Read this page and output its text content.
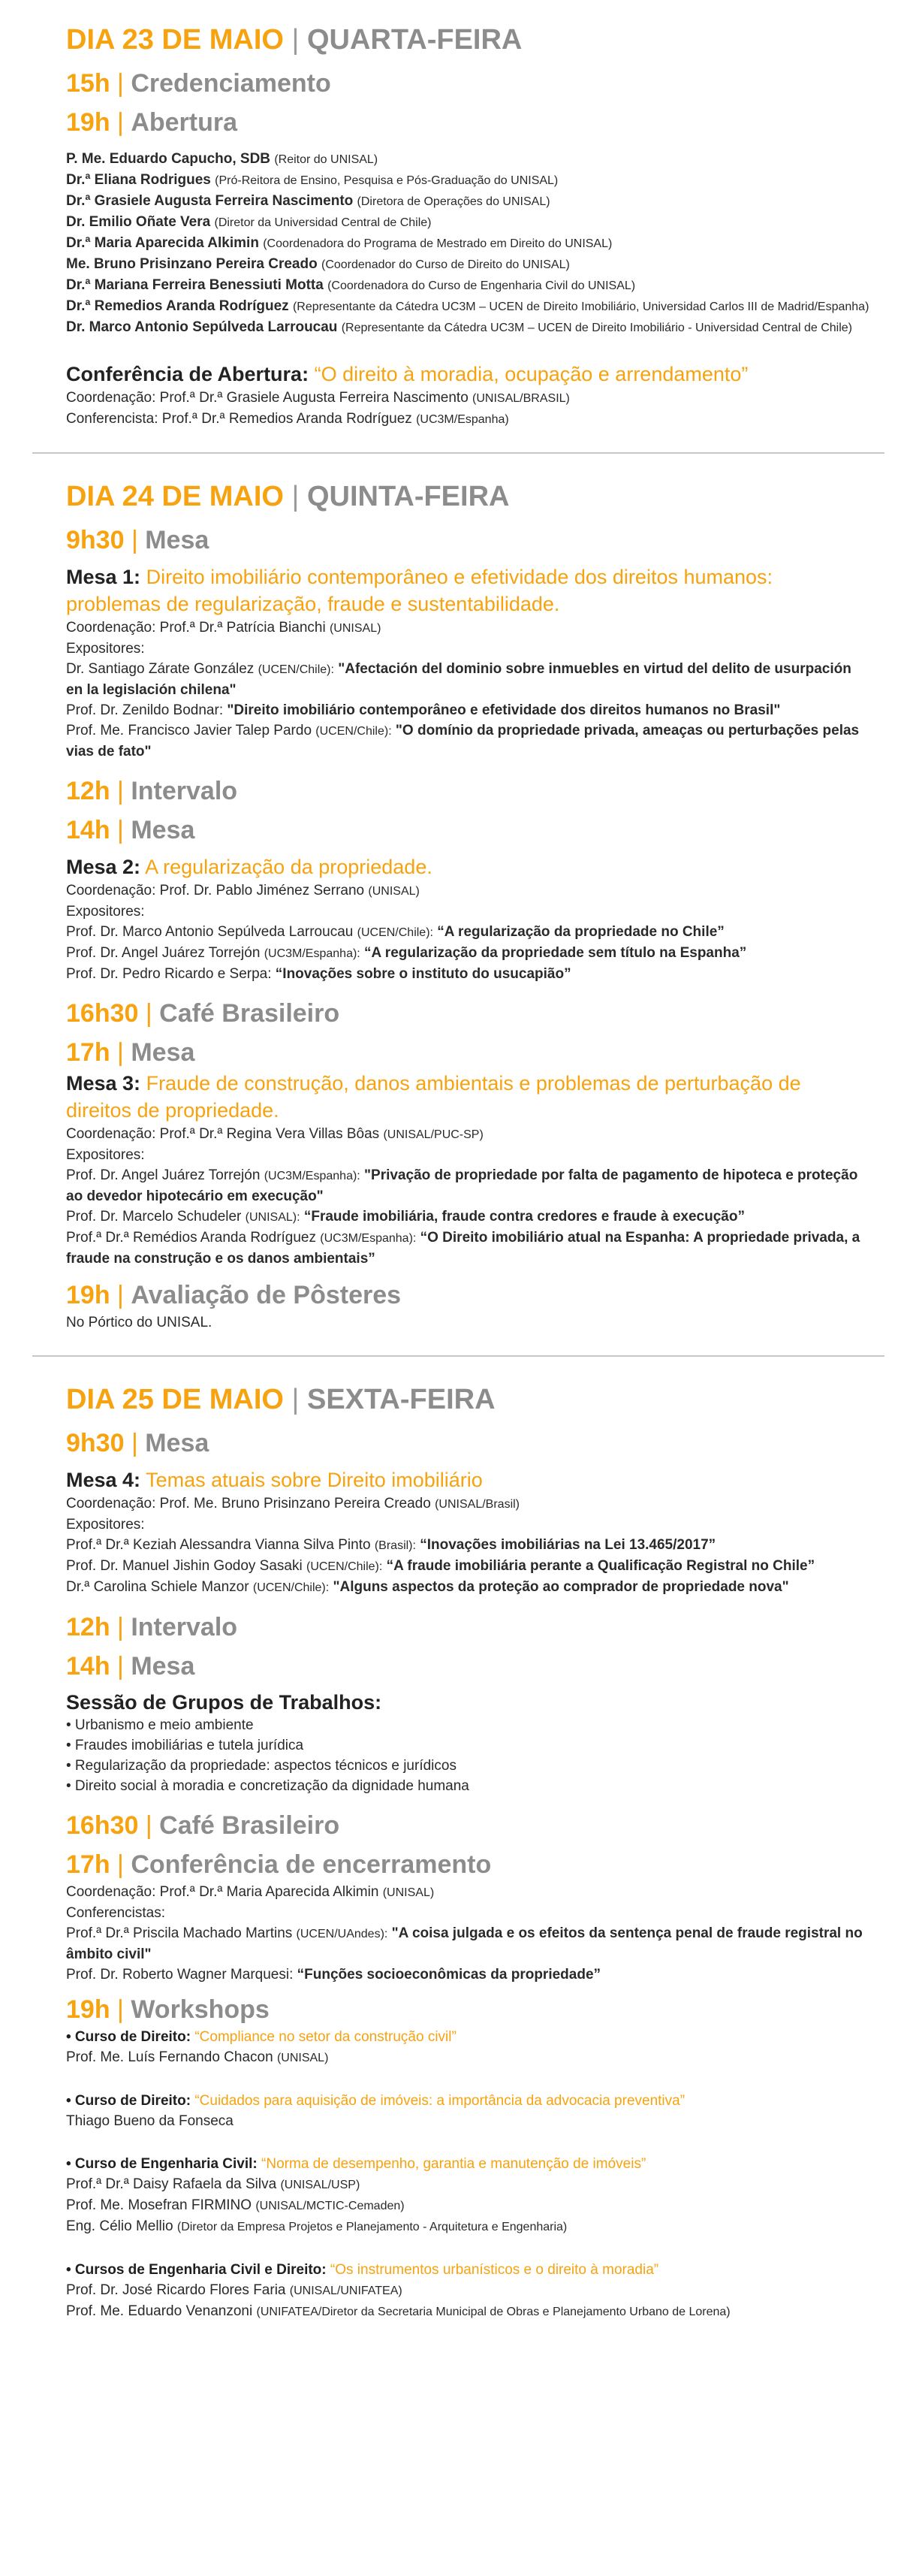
DIA 23 DE MAIO | QUARTA-FEIRA
15h | Credenciamento
19h | Abertura
P. Me. Eduardo Capucho, SDB (Reitor do UNISAL)
Dr.ª Eliana Rodrigues (Pró-Reitora de Ensino, Pesquisa e Pós-Graduação do UNISAL)
Dr.ª Grasiele Augusta Ferreira Nascimento (Diretora de Operações do UNISAL)
Dr. Emilio Oñate Vera (Diretor da Universidad Central de Chile)
Dr.ª Maria Aparecida Alkimin (Coordenadora do Programa de Mestrado em Direito do UNISAL)
Me. Bruno Prisinzano Pereira Creado (Coordenador do Curso de Direito do UNISAL)
Dr.ª Mariana Ferreira Benessiuti Motta (Coordenadora do Curso de Engenharia Civil do UNISAL)
Dr.ª Remedios Aranda Rodríguez (Representante da Cátedra UC3M – UCEN de Direito Imobiliário, Universidad Carlos III de Madrid/Espanha)
Dr. Marco Antonio Sepúlveda Larroucau (Representante da Cátedra UC3M – UCEN de Direito Imobiliário - Universidad Central de Chile)
Conferência de Abertura: “O direito à moradia, ocupação e arrendamento”
Coordenação: Prof.ª Dr.ª Grasiele Augusta Ferreira Nascimento (UNISAL/BRASIL)
Conferencista: Prof.ª Dr.ª Remedios Aranda Rodríguez (UC3M/Espanha)
DIA 24 DE MAIO | QUINTA-FEIRA
9h30 | Mesa
Mesa 1: Direito imobiliário contemporâneo e efetividade dos direitos humanos: problemas de regularização, fraude e sustentabilidade.
Coordenação: Prof.ª Dr.ª Patrícia Bianchi (UNISAL)
Expositores:
Dr. Santiago Zárate González (UCEN/Chile): "Afectación del dominio sobre inmuebles en virtud del delito de usurpación en la legislación chilena"
Prof. Dr. Zenildo Bodnar: "Direito imobiliário contemporâneo e efetividade dos direitos humanos no Brasil"
Prof. Me. Francisco Javier Talep Pardo (UCEN/Chile): "O domínio da propriedade privada, ameaças ou perturbações pelas vias de fato"
12h | Intervalo
14h | Mesa
Mesa 2: A regularização da propriedade.
Coordenação: Prof. Dr. Pablo Jiménez Serrano (UNISAL)
Expositores:
Prof. Dr. Marco Antonio Sepúlveda Larroucau (UCEN/Chile): “A regularização da propriedade no Chile”
Prof. Dr. Angel Juárez Torrejón (UC3M/Espanha): “A regularização da propriedade sem título na Espanha”
Prof. Dr. Pedro Ricardo e Serpa: “Inovações sobre o instituto do usucapião”
16h30 | Café Brasileiro
17h | Mesa
Mesa 3: Fraude de construção, danos ambientais e problemas de perturbação de direitos de propriedade.
Coordenação: Prof.ª Dr.ª Regina Vera Villas Bôas (UNISAL/PUC-SP)
Expositores:
Prof. Dr. Angel Juárez Torrejón (UC3M/Espanha): "Privação de propriedade por falta de pagamento de hipoteca e proteção ao devedor hipotecário em execução"
Prof. Dr. Marcelo Schudeler (UNISAL): “Fraude imobiliária, fraude contra credores e fraude à execução”
Prof.ª Dr.ª Remédios Aranda Rodríguez (UC3M/Espanha): “O Direito imobiliário atual na Espanha: A propriedade privada, a fraude na construção e os danos ambientais”
19h | Avaliação de Pôsteres
No Pórtico do UNISAL.
DIA 25 DE MAIO | SEXTA-FEIRA
9h30 | Mesa
Mesa 4: Temas atuais sobre Direito imobiliário
Coordenação: Prof. Me. Bruno Prisinzano Pereira Creado (UNISAL/Brasil)
Expositores:
Prof.ª Dr.ª Keziah Alessandra Vianna Silva Pinto (Brasil): “Inovações imobiliárias na Lei 13.465/2017”
Prof. Dr. Manuel Jishin Godoy Sasaki (UCEN/Chile): “A fraude imobiliária perante a Qualificação Registral no Chile”
Dr.ª Carolina Schiele Manzor (UCEN/Chile): "Alguns aspectos da proteção ao comprador de propriedade nova"
12h | Intervalo
14h | Mesa
Sessão de Grupos de Trabalhos:
• Urbanismo e meio ambiente
• Fraudes imobiliárias e tutela jurídica
• Regularização da propriedade: aspectos técnicos e jurídicos
• Direito social à moradia e concretização da dignidade humana
16h30 | Café Brasileiro
17h | Conferência de encerramento
Coordenação: Prof.ª Dr.ª Maria Aparecida Alkimin (UNISAL)
Conferencistas:
Prof.ª Dr.ª Priscila Machado Martins (UCEN/UAndes): "A coisa julgada e os efeitos da sentença penal de fraude registral no âmbito civil"
Prof. Dr. Roberto Wagner Marquesi: “Funções socioeconômicas da propriedade”
19h | Workshops
• Curso de Direito: “Compliance no setor da construção civil”
Prof. Me. Luís Fernando Chacon (UNISAL)
• Curso de Direito: “Cuidados para aquisição de imóveis: a importância da advocacia preventiva”
Thiago Bueno da Fonseca
• Curso de Engenharia Civil: “Norma de desempenho, garantia e manutenção de imóveis”
Prof.ª Dr.ª Daisy Rafaela da Silva (UNISAL/USP)
Prof. Me. Mosefran FIRMINO (UNISAL/MCTIC-Cemaden)
Eng. Célio Mellio (Diretor da Empresa Projetos e Planejamento - Arquitetura e Engenharia)
• Cursos de Engenharia Civil e Direito: “Os instrumentos urbanísticos e o direito à moradia”
Prof. Dr. José Ricardo Flores Faria (UNISAL/UNIFATEA)
Prof. Me. Eduardo Venanzoni (UNIFATEA/Diretor da Secretaria Municipal de Obras e Planejamento Urbano de Lorena)
